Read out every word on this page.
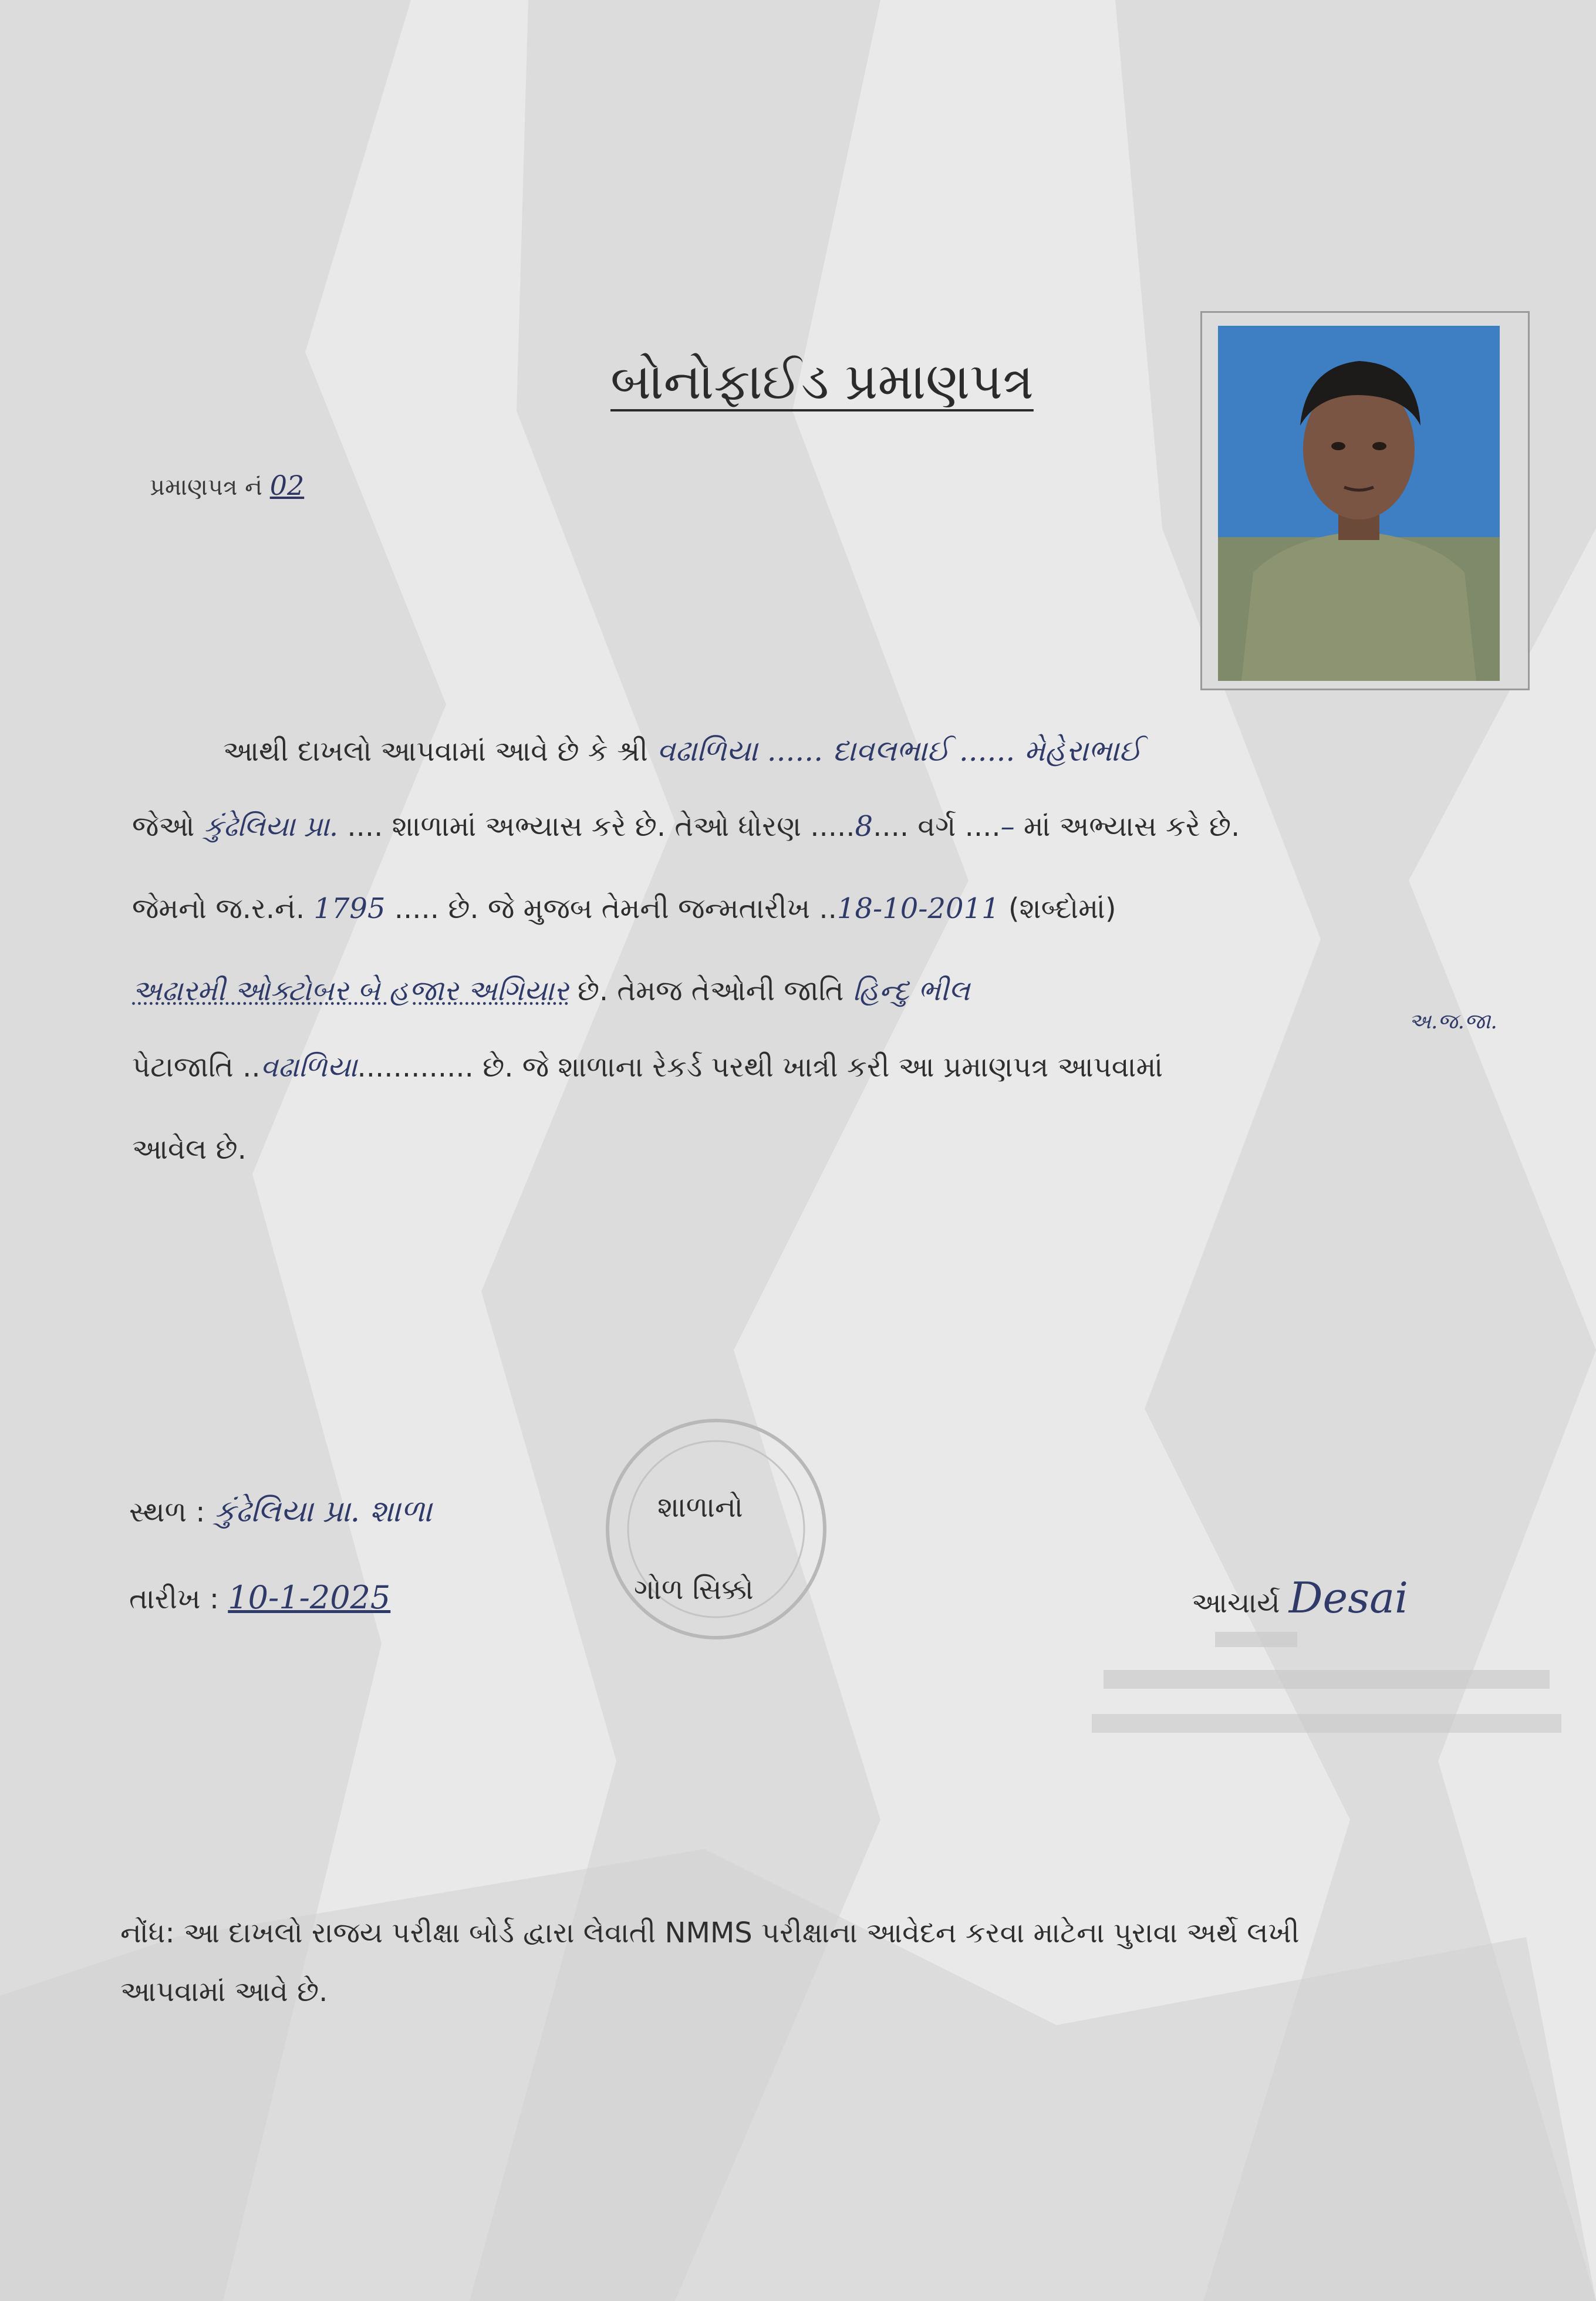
બોનોફાઈડ પ્રમાણપત્ર
પ્રમાણપત્ર નં 02
આથી દાખલો આપવામાં આવે છે કે શ્રી વઢાળિયા ...... દાવલભાઈ ...... મેહેરાભાઈ
જેઓ કુંઢેલિયા પ્રા. .... શાળામાં અભ્યાસ કરે છે. તેઓ ધોરણ .....8.... વર્ગ ....– માં અભ્યાસ કરે છે.
જેમનો જ.ર.નં. 1795 ..... છે. જે મુજબ તેમની જન્મતારીખ ..18-10-2011 (શબ્દોમાં)
અઢારમી ઓક્ટોબર બે હજાર અગિયાર છે. તેમજ તેઓની જાતિ હિન્દુ ભીલ
અ.જ.જા.
પેટાજાતિ ..વઢાળિયા............. છે. જે શાળાના રેકર્ડ પરથી ખાત્રી કરી આ પ્રમાણપત્ર આપવામાં
આવેલ છે.
સ્થળ : કુંઢેલિયા પ્રા. શાળા
તારીખ : 10-1-2025
શાળાનો
ગોળ સિક્કો	આચાર્ય Desai
નોંધ: આ દાખલો રાજય પરીક્ષા બોર્ડ દ્વારા લેવાતી NMMS પરીક્ષાના આવેદન કરવા માટેના પુરાવા અર્થે લખી
આપવામાં આવે છે.
